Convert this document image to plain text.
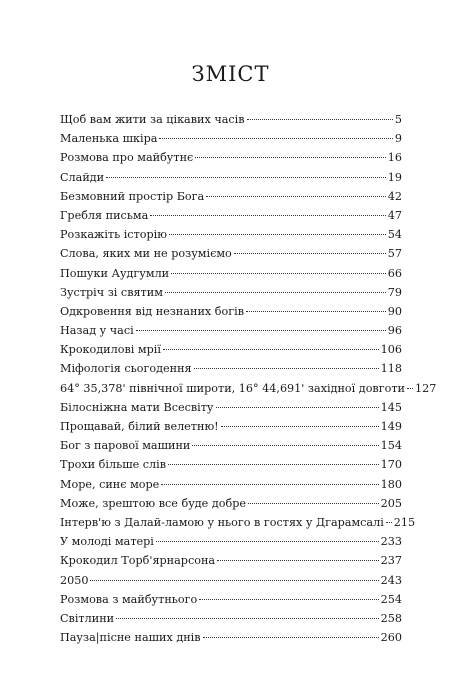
ЗМІСТ
Щоб вам жити за цікавих часів	5
Маленька шкіра	9
Розмова про майбутнє	16
Слайди	19
Безмовний простір Бога	42
Гребля письма	47
Розкажіть історію	54
Слова, яких ми не розуміємо	57
Пошуки Аудгумли	66
Зустріч зі святим	79
Одкровення від незнаних богів	90
Назад у часі	96
Крокодилові мрії	106
Міфологія сьогодення	118
64° 35,378' північної широти, 16° 44,691' західної довготи 127
Білосніжна мати Всесвіту	145
Прощавай, білий велетню!	149
Бог з парової машини	154
Трохи більше слів	170
Море, синє море	180
Може, зрештою все буде добре	205
Інтерв'ю з Далай-ламою у нього в гостях у Дгарамсалі 215
У молоді матері	233
Крокодил Торб'ярнарсона	237
2050	243
Розмова з майбутнього	254
Світлини	258
Пауза|пісне наших днів	260
